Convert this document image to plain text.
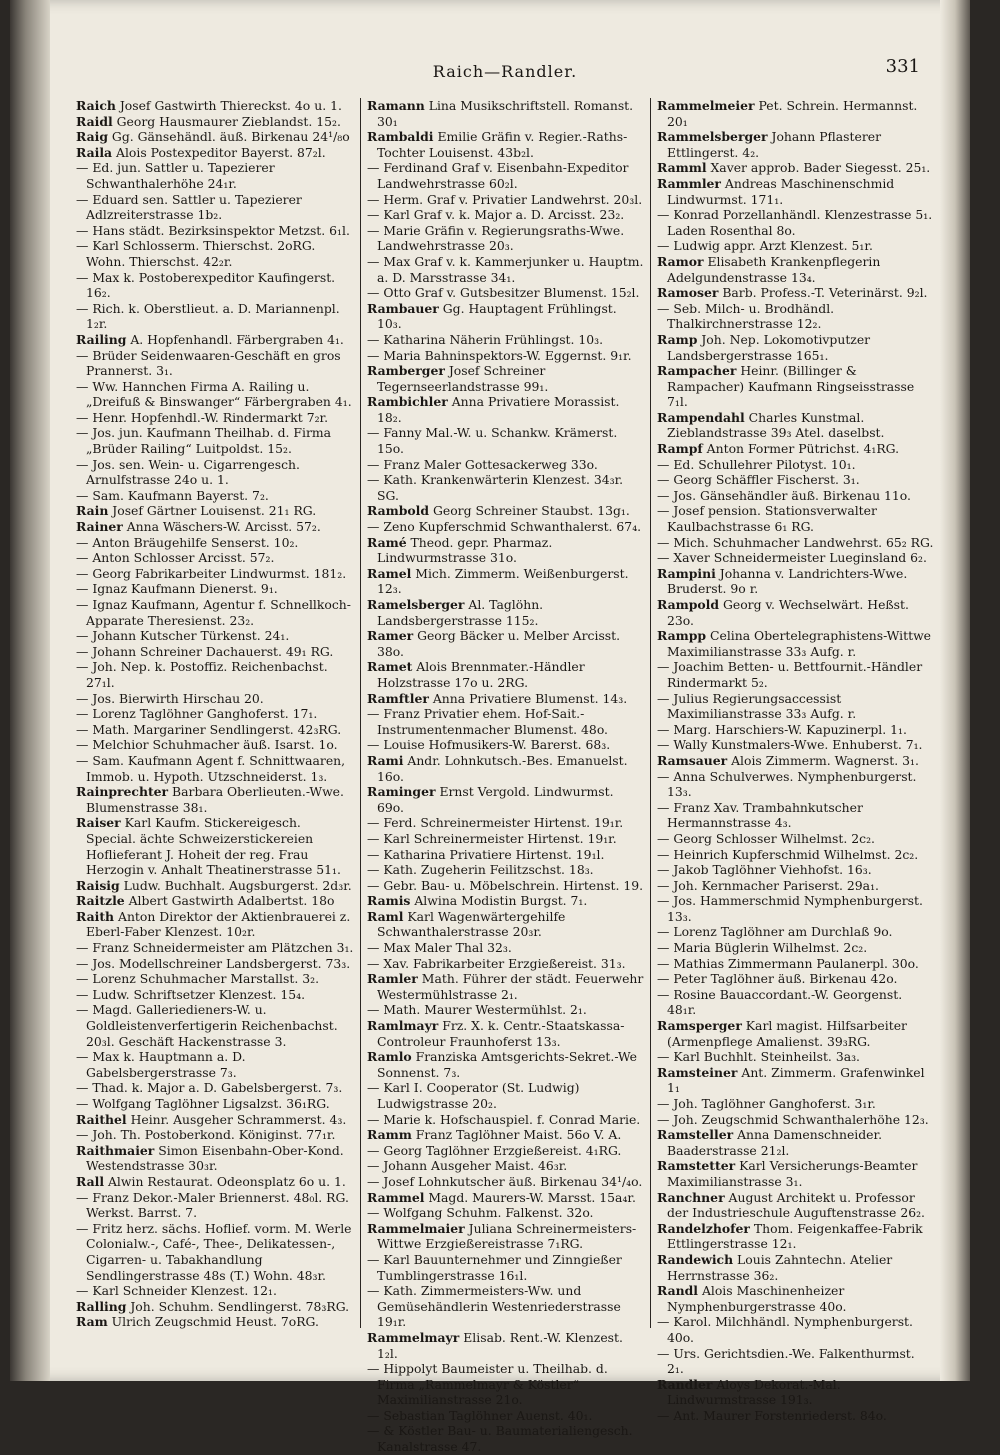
Raich—Randler.	331
Raich Josef Gastwirth Thiereckst. 4o u. 1.
Raidl Georg Hausmaurer Zieblandst. 15₂.
Raig Gg. Gänsehändl. äuß. Birkenau 24¹/₈o
Raila Alois Postexpeditor Bayerst. 87₂l.
— Ed. jun. Sattler u. Tapezierer Schwanthalerhöhe 24₁r.
— Eduard sen. Sattler u. Tapezierer Adlzreiterstrasse 1b₂.
— Hans städt. Bezirksinspektor Metzst. 6₁l.
— Karl Schlosserm. Thierschst. 2oRG. Wohn. Thierschst. 42₂r.
— Max k. Postoberexpeditor Kaufingerst. 16₂.
— Rich. k. Oberstlieut. a. D. Mariannenpl. 1₂r.
Railing A. Hopfenhandl. Färbergraben 4₁.
— Brüder Seidenwaaren-Geschäft en gros Prannerst. 3₁.
— Ww. Hannchen Firma A. Railing u. „Dreifuß & Binswanger“ Färbergraben 4₁.
— Henr. Hopfenhdl.-W. Rindermarkt 7₂r.
— Jos. jun. Kaufmann Theilhab. d. Firma „Brüder Railing“ Luitpoldst. 15₂.
— Jos. sen. Wein- u. Cigarrengesch. Arnulfstrasse 24o u. 1.
— Sam. Kaufmann Bayerst. 7₂.
Rain Josef Gärtner Louisenst. 21₁ RG.
Rainer Anna Wäschers-W. Arcisst. 57₂.
— Anton Bräugehilfe Senserst. 10₂.
— Anton Schlosser Arcisst. 57₂.
— Georg Fabrikarbeiter Lindwurmst. 181₂.
— Ignaz Kaufmann Dienerst. 9₁.
— Ignaz Kaufmann, Agentur f. Schnellkoch-Apparate Theresienst. 23₂.
— Johann Kutscher Türkenst. 24₁.
— Johann Schreiner Dachauerst. 49₁ RG.
— Joh. Nep. k. Postoffiz. Reichenbachst. 27₁l.
— Jos. Bierwirth Hirschau 20.
— Lorenz Taglöhner Ganghoferst. 17₁.
— Math. Margariner Sendlingerst. 42₃RG.
— Melchior Schuhmacher äuß. Isarst. 1o.
— Sam. Kaufmann Agent f. Schnittwaaren, Immob. u. Hypoth. Utzschneiderst. 1₃.
Rainprechter Barbara Oberlieuten.-Wwe. Blumenstrasse 38₁.
Raiser Karl Kaufm. Stickereigesch. Special. ächte Schweizerstickereien Hoflieferant J. Hoheit der reg. Frau Herzogin v. Anhalt Theatinerstrasse 51₁.
Raisig Ludw. Buchhalt. Augsburgerst. 2d₃r.
Raitzle Albert Gastwirth Adalbertst. 18o
Raith Anton Direktor der Aktienbrauerei z. Eberl-Faber Klenzest. 10₂r.
— Franz Schneidermeister am Plätzchen 3₁.
— Jos. Modellschreiner Landsbergerst. 73₃.
— Lorenz Schuhmacher Marstallst. 3₂.
— Ludw. Schriftsetzer Klenzest. 15₄.
— Magd. Galleriedieners-W. u. Goldleistenverfertigerin Reichenbachst. 20₃l. Geschäft Hackenstrasse 3.
— Max k. Hauptmann a. D. Gabelsbergerstrasse 7₃.
— Thad. k. Major a. D. Gabelsbergerst. 7₃.
— Wolfgang Taglöhner Ligsalzst. 36₁RG.
Raithel Heinr. Ausgeher Schrammerst. 4₃.
— Joh. Th. Postoberkond. Königinst. 77₁r.
Raithmaier Simon Eisenbahn-Ober-Kond. Westendstrasse 30₃r.
Rall Alwin Restaurat. Odeonsplatz 6o u. 1.
— Franz Dekor.-Maler Briennerst. 48₀l. RG. Werkst. Barrst. 7.
— Fritz herz. sächs. Hoflief. vorm. M. Werle Colonialw.-, Café-, Thee-, Delikatessen-, Cigarren- u. Tabakhandlung Sendlingerstrasse 48s (T.) Wohn. 48₃r.
— Karl Schneider Klenzest. 12₁.
Ralling Joh. Schuhm. Sendlingerst. 78₃RG.
Ram Ulrich Zeugschmid Heust. 7oRG.
Ramann Lina Musikschriftstell. Romanst. 30₁
Rambaldi Emilie Gräfin v. Regier.-Raths-Tochter Louisenst. 43b₂l.
— Ferdinand Graf v. Eisenbahn-Expeditor Landwehrstrasse 60₂l.
— Herm. Graf v. Privatier Landwehrst. 20₃l.
— Karl Graf v. k. Major a. D. Arcisst. 23₂.
— Marie Gräfin v. Regierungsraths-Wwe. Landwehrstrasse 20₃.
— Max Graf v. k. Kammerjunker u. Hauptm. a. D. Marsstrasse 34₁.
— Otto Graf v. Gutsbesitzer Blumenst. 15₂l.
Rambauer Gg. Hauptagent Frühlingst. 10₃.
— Katharina Näherin Frühlingst. 10₃.
— Maria Bahninspektors-W. Eggernst. 9₁r.
Ramberger Josef Schreiner Tegernseerlandstrasse 99₁.
Rambichler Anna Privatiere Morassist. 18₂.
— Fanny Mal.-W. u. Schankw. Krämerst. 15o.
— Franz Maler Gottesackerweg 33o.
— Kath. Krankenwärterin Klenzest. 34₃r. SG.
Rambold Georg Schreiner Staubst. 13g₁.
— Zeno Kupferschmid Schwanthalerst. 67₄.
Ramé Theod. gepr. Pharmaz. Lindwurmstrasse 31o.
Ramel Mich. Zimmerm. Weißenburgerst. 12₃.
Ramelsberger Al. Taglöhn. Landsbergerstrasse 115₂.
Ramer Georg Bäcker u. Melber Arcisst. 38o.
Ramet Alois Brennmater.-Händler Holzstrasse 17o u. 2RG.
Ramftler Anna Privatiere Blumenst. 14₃.
— Franz Privatier ehem. Hof-Sait.-Instrumentenmacher Blumenst. 48o.
— Louise Hofmusikers-W. Barerst. 68₃.
Rami Andr. Lohnkutsch.-Bes. Emanuelst. 16o.
Raminger Ernst Vergold. Lindwurmst. 69o.
— Ferd. Schreinermeister Hirtenst. 19₁r.
— Karl Schreinermeister Hirtenst. 19₁r.
— Katharina Privatiere Hirtenst. 19₁l.
— Kath. Zugeherin Feilitzschst. 18₃.
— Gebr. Bau- u. Möbelschrein. Hirtenst. 19.
Ramis Alwina Modistin Burgst. 7₁.
Raml Karl Wagenwärtergehilfe Schwanthalerstrasse 20₃r.
— Max Maler Thal 32₃.
— Xav. Fabrikarbeiter Erzgießereist. 31₃.
Ramler Math. Führer der städt. Feuerwehr Westermühlstrasse 2₁.
— Math. Maurer Westermühlst. 2₁.
Ramlmayr Frz. X. k. Centr.-Staatskassa-Controleur Fraunhoferst 13₃.
Ramlo Franziska Amtsgerichts-Sekret.-We Sonnenst. 7₃.
— Karl I. Cooperator (St. Ludwig) Ludwigstrasse 20₂.
— Marie k. Hofschauspiel. f. Conrad Marie.
Ramm Franz Taglöhner Maist. 56o V. A.
— Georg Taglöhner Erzgießereist. 4₁RG.
— Johann Ausgeher Maist. 46₃r.
— Josef Lohnkutscher äuß. Birkenau 34¹/₄o.
Rammel Magd. Maurers-W. Marsst. 15a₄r.
— Wolfgang Schuhm. Falkenst. 32o.
Rammelmaier Juliana Schreinermeisters-Wittwe Erzgießereistrasse 7₁RG.
— Karl Bauunternehmer und Zinngießer Tumblingerstrasse 16₁l.
— Kath. Zimmermeisters-Ww. und Gemüsehändlerin Westenriederstrasse 19₁r.
Rammelmayr Elisab. Rent.-W. Klenzest. 1₂l.
— Hippolyt Baumeister u. Theilhab. d. Firma „Rammelmayr & Köstler“ Maximilianstrasse 21o.
— Sebastian Taglöhner Auenst. 40₁.
— & Köstler Bau- u. Baumaterialiengesch. Kanalstrasse 47.
Rammelmeier Pet. Schrein. Hermannst. 20₁
Rammelsberger Johann Pflasterer Ettlingerst. 4₂.
Ramml Xaver approb. Bader Siegesst. 25₁.
Rammler Andreas Maschinenschmid Lindwurmst. 171₁.
— Konrad Porzellanhändl. Klenzestrasse 5₁. Laden Rosenthal 8o.
— Ludwig appr. Arzt Klenzest. 5₁r.
Ramor Elisabeth Krankenpflegerin Adelgundenstrasse 13₄.
Ramoser Barb. Profess.-T. Veterinärst. 9₂l.
— Seb. Milch- u. Brodhändl. Thalkirchnerstrasse 12₂.
Ramp Joh. Nep. Lokomotivputzer Landsbergerstrasse 165₁.
Rampacher Heinr. (Billinger & Rampacher) Kaufmann Ringseisstrasse 7₁l.
Rampendahl Charles Kunstmal. Zieblandstrasse 39₃ Atel. daselbst.
Rampf Anton Former Pütrichst. 4₁RG.
— Ed. Schullehrer Pilotyst. 10₁.
— Georg Schäffler Fischerst. 3₁.
— Jos. Gänsehändler äuß. Birkenau 11o.
— Josef pension. Stationsverwalter Kaulbachstrasse 6₁ RG.
— Mich. Schuhmacher Landwehrst. 65₂ RG.
— Xaver Schneidermeister Lueginsland 6₂.
Rampini Johanna v. Landrichters-Wwe. Bruderst. 9o r.
Rampold Georg v. Wechselwärt. Heßst. 23o.
Rampp Celina Obertelegraphistens-Wittwe Maximilianstrasse 33₃ Aufg. r.
— Joachim Betten- u. Bettfournit.-Händler Rindermarkt 5₂.
— Julius Regierungsaccessist Maximilianstrasse 33₃ Aufg. r.
— Marg. Harschiers-W. Kapuzinerpl. 1₁.
— Wally Kunstmalers-Wwe. Enhuberst. 7₁.
Ramsauer Alois Zimmerm. Wagnerst. 3₁.
— Anna Schulverwes. Nymphenburgerst. 13₃.
— Franz Xav. Trambahnkutscher Hermannstrasse 4₃.
— Georg Schlosser Wilhelmst. 2c₂.
— Heinrich Kupferschmid Wilhelmst. 2c₂.
— Jakob Taglöhner Viehhofst. 16₃.
— Joh. Kernmacher Pariserst. 29a₁.
— Jos. Hammerschmid Nymphenburgerst. 13₃.
— Lorenz Taglöhner am Durchlaß 9o.
— Maria Büglerin Wilhelmst. 2c₂.
— Mathias Zimmermann Paulanerpl. 30o.
— Peter Taglöhner äuß. Birkenau 42o.
— Rosine Bauaccordant.-W. Georgenst. 48₁r.
Ramsperger Karl magist. Hilfsarbeiter (Armenpflege Amalienst. 39₃RG.
— Karl Buchhlt. Steinheilst. 3a₃.
Ramsteiner Ant. Zimmerm. Grafenwinkel 1₁
— Joh. Taglöhner Ganghoferst. 3₁r.
— Joh. Zeugschmid Schwanthalerhöhe 12₃.
Ramsteller Anna Damenschneider. Baaderstrasse 21₂l.
Ramstetter Karl Versicherungs-Beamter Maximilianstrasse 3₁.
Ranchner August Architekt u. Professor der Industrieschule Auguftenstrasse 26₂.
Randelzhofer Thom. Feigenkaffee-Fabrik Ettlingerstrasse 12₁.
Randewich Louis Zahntechn. Atelier Herrnstrasse 36₂.
Randl Alois Maschinenheizer Nymphenburgerstrasse 40o.
— Karol. Milchhändl. Nymphenburgerst. 40o.
— Urs. Gerichtsdien.-We. Falkenthurmst. 2₁.
Randler Aloys Dekorat.-Mal. Lindwurmstrasse 191₃.
— Ant. Maurer Forstenriederst. 84o.
